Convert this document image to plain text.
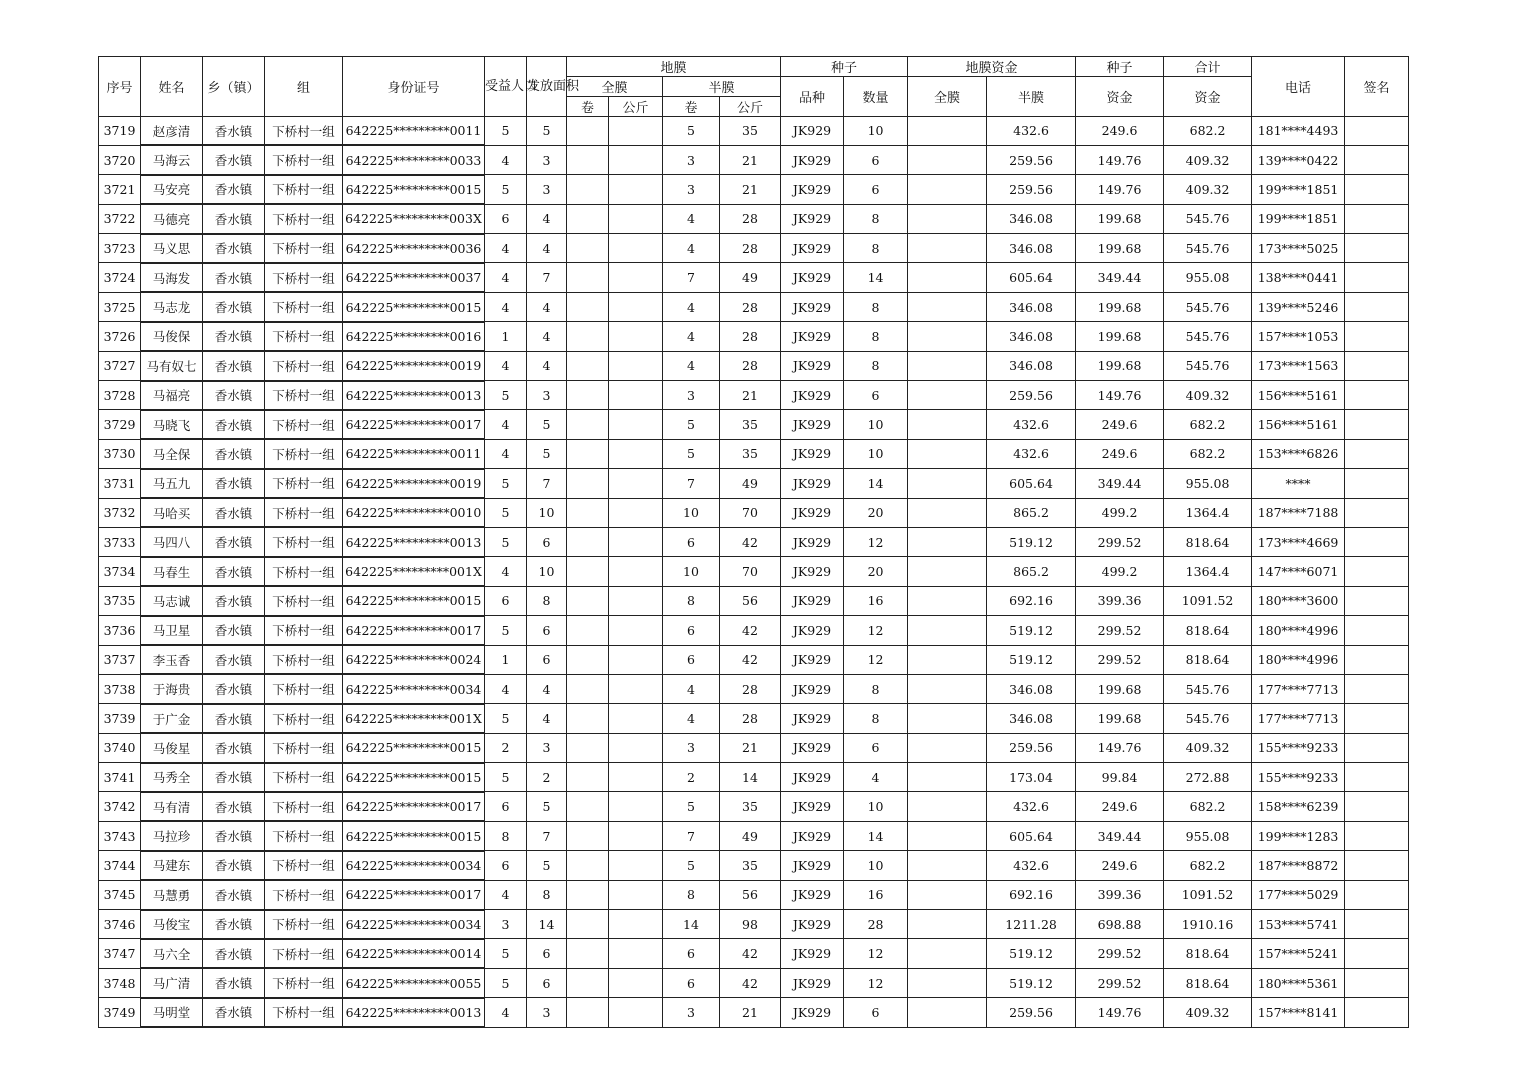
序号	姓名	乡（镇）	组	身份证号	受益人口	发放面积	地膜				种子		地膜资金		种子	合计	电话	签名
							全膜		半膜		品种	数量	全膜	半膜	资金	资金		
							卷	公斤	卷	公斤								
3719	赵彦清	香水镇	下桥村一组	642225*********0011	5	5			5	35	JK929	10		432.6	249.6	682.2	181****4493	
3720	马海云	香水镇	下桥村一组	642225*********0033	4	3			3	21	JK929	6		259.56	149.76	409.32	139****0422	
3721	马安亮	香水镇	下桥村一组	642225*********0015	5	3			3	21	JK929	6		259.56	149.76	409.32	199****1851	
3722	马德亮	香水镇	下桥村一组	642225*********003X	6	4			4	28	JK929	8		346.08	199.68	545.76	199****1851	
3723	马义思	香水镇	下桥村一组	642225*********0036	4	4			4	28	JK929	8		346.08	199.68	545.76	173****5025	
3724	马海发	香水镇	下桥村一组	642225*********0037	4	7			7	49	JK929	14		605.64	349.44	955.08	138****0441	
3725	马志龙	香水镇	下桥村一组	642225*********0015	4	4			4	28	JK929	8		346.08	199.68	545.76	139****5246	
3726	马俊保	香水镇	下桥村一组	642225*********0016	1	4			4	28	JK929	8		346.08	199.68	545.76	157****1053	
3727	马有奴七	香水镇	下桥村一组	642225*********0019	4	4			4	28	JK929	8		346.08	199.68	545.76	173****1563	
3728	马福亮	香水镇	下桥村一组	642225*********0013	5	3			3	21	JK929	6		259.56	149.76	409.32	156****5161	
3729	马晓飞	香水镇	下桥村一组	642225*********0017	4	5			5	35	JK929	10		432.6	249.6	682.2	156****5161	
3730	马全保	香水镇	下桥村一组	642225*********0011	4	5			5	35	JK929	10		432.6	249.6	682.2	153****6826	
3731	马五九	香水镇	下桥村一组	642225*********0019	5	7			7	49	JK929	14		605.64	349.44	955.08	****	
3732	马哈买	香水镇	下桥村一组	642225*********0010	5	10			10	70	JK929	20		865.2	499.2	1364.4	187****7188	
3733	马四八	香水镇	下桥村一组	642225*********0013	5	6			6	42	JK929	12		519.12	299.52	818.64	173****4669	
3734	马春生	香水镇	下桥村一组	642225*********001X	4	10			10	70	JK929	20		865.2	499.2	1364.4	147****6071	
3735	马志诚	香水镇	下桥村一组	642225*********0015	6	8			8	56	JK929	16		692.16	399.36	1091.52	180****3600	
3736	马卫星	香水镇	下桥村一组	642225*********0017	5	6			6	42	JK929	12		519.12	299.52	818.64	180****4996	
3737	李玉香	香水镇	下桥村一组	642225*********0024	1	6			6	42	JK929	12		519.12	299.52	818.64	180****4996	
3738	于海贵	香水镇	下桥村一组	642225*********0034	4	4			4	28	JK929	8		346.08	199.68	545.76	177****7713	
3739	于广金	香水镇	下桥村一组	642225*********001X	5	4			4	28	JK929	8		346.08	199.68	545.76	177****7713	
3740	马俊星	香水镇	下桥村一组	642225*********0015	2	3			3	21	JK929	6		259.56	149.76	409.32	155****9233	
3741	马秀全	香水镇	下桥村一组	642225*********0015	5	2			2	14	JK929	4		173.04	99.84	272.88	155****9233	
3742	马有清	香水镇	下桥村一组	642225*********0017	6	5			5	35	JK929	10		432.6	249.6	682.2	158****6239	
3743	马拉珍	香水镇	下桥村一组	642225*********0015	8	7			7	49	JK929	14		605.64	349.44	955.08	199****1283	
3744	马建东	香水镇	下桥村一组	642225*********0034	6	5			5	35	JK929	10		432.6	249.6	682.2	187****8872	
3745	马慧勇	香水镇	下桥村一组	642225*********0017	4	8			8	56	JK929	16		692.16	399.36	1091.52	177****5029	
3746	马俊宝	香水镇	下桥村一组	642225*********0034	3	14			14	98	JK929	28		1211.28	698.88	1910.16	153****5741	
3747	马六全	香水镇	下桥村一组	642225*********0014	5	6			6	42	JK929	12		519.12	299.52	818.64	157****5241	
3748	马广清	香水镇	下桥村一组	642225*********0055	5	6			6	42	JK929	12		519.12	299.52	818.64	180****5361	
3749	马明堂	香水镇	下桥村一组	642225*********0013	4	3			3	21	JK929	6		259.56	149.76	409.32	157****8141	
